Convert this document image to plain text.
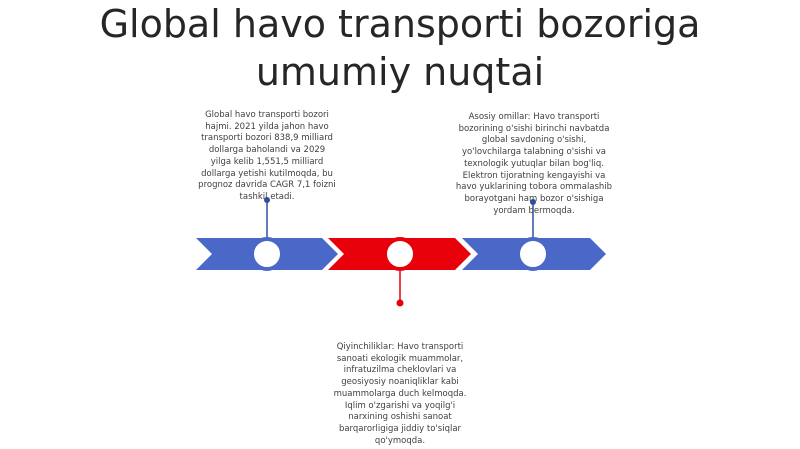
Global havo transporti bozoriga umumiy nuqtai
Global havo transporti bozori hajmi. 2021 yilda jahon havo transporti bozori 838,9 milliard dollarga baholandi va 2029 yilga kelib 1,551,5 milliard dollarga yetishi kutilmoqda, bu prognoz davrida CAGR 7,1 foizni tashkil etadi.
Asosiy omillar: Havo transporti bozorining o'sishi birinchi navbatda global savdoning o'sishi, yo'lovchilarga talabning o'sishi va texnologik yutuqlar bilan bog'liq. Elektron tijoratning kengayishi va havo yuklarining tobora ommalashib borayotgani ham bozor o'sishiga yordam bermoqda.
Qiyinchiliklar: Havo transporti sanoati ekologik muammolar, infratuzilma cheklovlari va geosiyosiy noaniqliklar kabi muammolarga duch kelmoqda. Iqlim o'zgarishi va yoqilg'i narxining oshishi sanoat barqarorligiga jiddiy to'siqlar qo'ymoqda.
